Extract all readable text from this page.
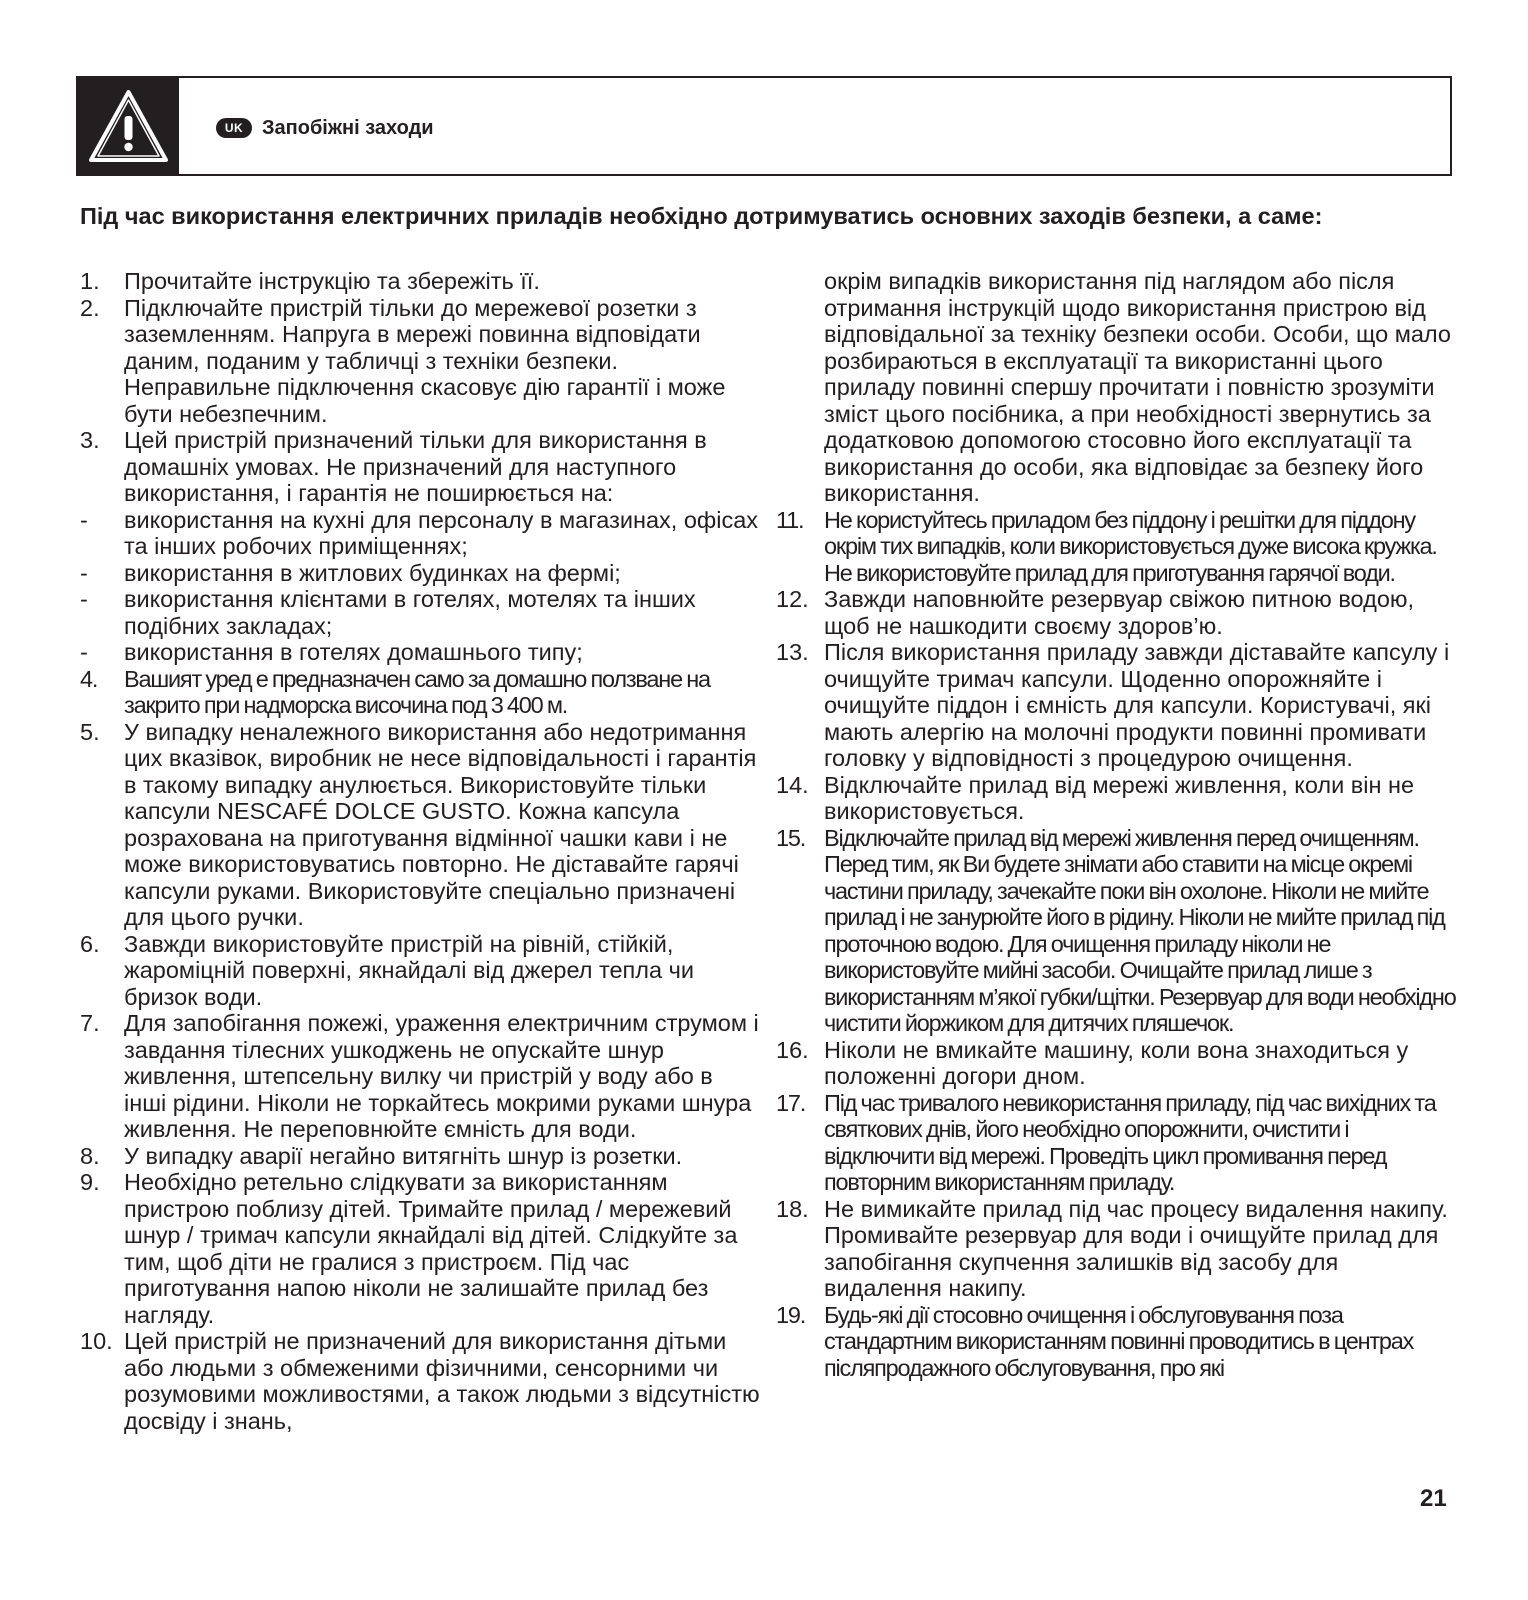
UK Запобіжні заходи

Під час використання електричних приладів необхідно дотримуватись основних заходів безпеки, а саме:

1. Прочитайте інструкцію та збережіть її.
2. Підключайте пристрій тільки до мережевої розетки з заземленням. Напруга в мережі повинна відповідати даним, поданим у табличці з техніки безпеки. Неправильне підключення скасовує дію гарантії і може бути небезпечним.
3. Цей пристрій призначений тільки для використання в домашніх умовах. Не призначений для наступного використання, і гарантія не поширюється на:
- використання на кухні для персоналу в магазинах, офісах та інших робочих приміщеннях;
- використання в житлових будинках на фермі;
- використання клієнтами в готелях, мотелях та інших подібних закладах;
- використання в готелях домашнього типу;
4. Вашият уред е предназначен само за домашно ползване на закрито при надморска височина под 3 400 м.
5. У випадку неналежного використання або недотримання цих вказівок, виробник не несе відповідальності і гарантія в такому випадку анулюється. Використовуйте тільки капсули NESCAFÉ DOLCE GUSTO. Кожна капсула розрахована на приготування відмінної чашки кави і не може використовуватись повторно. Не діставайте гарячі капсули руками. Використовуйте спеціально призначені для цього ручки.
6. Завжди використовуйте пристрій на рівній, стійкій, жароміцній поверхні, якнайдалі від джерел тепла чи бризок води.
7. Для запобігання пожежі, ураження електричним струмом і завдання тілесних ушкоджень не опускайте шнур живлення, штепсельну вилку чи пристрій у воду або в інші рідини. Ніколи не торкайтесь мокрими руками шнура живлення. Не переповнюйте ємність для води.
8. У випадку аварії негайно витягніть шнур із розетки.
9. Необхідно ретельно слідкувати за використанням пристрою поблизу дітей. Тримайте прилад / мережевий шнур / тримач капсули якнайдалі від дітей. Слідкуйте за тим, щоб діти не гралися з пристроєм. Під час приготування напою ніколи не залишайте прилад без нагляду.
10. Цей пристрій не призначений для використання дітьми або людьми з обмеженими фізичними, сенсорними чи розумовими можливостями, а також людьми з відсутністю досвіду і знань,
окрім випадків використання під наглядом або після отримання інструкцій щодо використання пристрою від відповідальної за техніку безпеки особи. Особи, що мало розбираються в експлуатації та використанні цього приладу повинні спершу прочитати і повністю зрозуміти зміст цього посібника, а при необхідності звернутись за додатковою допомогою стосовно його експлуатації та використання до особи, яка відповідає за безпеку його використання.
11. Не користуйтесь приладом без піддону і решітки для піддону окрім тих випадків, коли використовується дуже висока кружка. Не використовуйте прилад для приготування гарячої води.
12. Завжди наповнюйте резервуар свіжою питною водою, щоб не нашкодити своєму здоров’ю.
13. Після використання приладу завжди діставайте капсулу і очищуйте тримач капсули. Щоденно опорожняйте і очищуйте піддон і ємність для капсули. Користувачі, які мають алергію на молочні продукти повинні промивати головку у відповідності з процедурою очищення.
14. Відключайте прилад від мережі живлення, коли він не використовується.
15. Відключайте прилад від мережі живлення перед очищенням. Перед тим, як Ви будете знімати або ставити на місце окремі частини приладу, зачекайте поки він охолоне. Ніколи не мийте прилад і не занурюйте його в рідину. Ніколи не мийте прилад під проточною водою. Для очищення приладу ніколи не використовуйте мийні засоби. Очищайте прилад лише з використанням м’якої губки/щітки. Резервуар для води необхідно чистити йоржиком для дитячих пляшечок.
16. Ніколи не вмикайте машину, коли вона знаходиться у положенні догори дном.
17. Під час тривалого невикористання приладу, під час вихідних та святкових днів, його необхідно опорожнити, очистити і відключити від мережі. Проведіть цикл промивання перед повторним використанням приладу.
18. Не вимикайте прилад під час процесу видалення накипу. Промивайте резервуар для води і очищуйте прилад для запобігання скупчення залишків від засобу для видалення накипу.
19. Будь-які дії стосовно очищення і обслуговування поза стандартним використанням повинні проводитись в центрах післяпродажного обслуговування, про які
21
